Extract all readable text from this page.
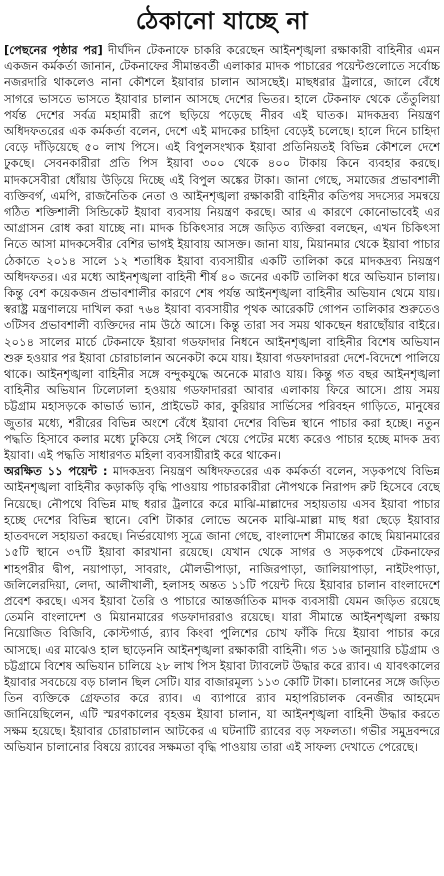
ঠেকানো যাচ্ছে না

[পেছনের পৃষ্ঠার পর] দীর্ঘদিন টেকনাফে চাকরি করেছেন আইনশৃঙ্খলা রক্ষাকারী বাহিনীর এমন একজন কর্মকর্তা জানান, টেকনাফের সীমান্তবর্তী এলাকার মাদক পাচারের পয়েন্টগুলোতে সর্বোচ্চ নজরদারি থাকলেও নানা কৌশলে ইয়াবার চালান আসছেই। মাছধরার ট্রলারে, জালে বেঁধে সাগরে ভাসতে ভাসতে ইয়াবার চালান আসছে দেশের ভিতর। হালে টেকনাফ থেকে তেঁতুলিয়া পর্যন্ত দেশের সর্বত্র মহামারী রূপে ছড়িয়ে পড়েছে নীরব এই ঘাতক। মাদকদ্রব্য নিয়ন্ত্রণ অধিদফতরের এক কর্মকর্তা বলেন, দেশে এই মাদকের চাহিদা বেড়েই চলেছে। হালে দিনে চাহিদা বেড়ে দাঁড়িয়েছে ৫০ লাখ পিসে। এই বিপুলসংখ্যক ইয়াবা প্রতিনিয়তই বিভিন্ন কৌশলে দেশে ঢুকছে। সেবনকারীরা প্রতি পিস ইয়াবা ৩০০ থেকে ৪০০ টাকায় কিনে ব্যবহার করছে। মাদকসেবীরা ধোঁয়ায় উড়িয়ে দিচ্ছে এই বিপুল অঙ্কের টাকা। জানা গেছে, সমাজের প্রভাবশালী ব্যক্তিবর্গ, এমপি, রাজনৈতিক নেতা ও আইনশৃঙ্খলা রক্ষাকারী বাহিনীর কতিপয় সদস্যের সমন্বয়ে গঠিত শক্তিশালী সিন্ডিকেট ইয়াবা ব্যবসায় নিয়ন্ত্রণ করছে। আর এ কারণে কোনোভাবেই এর আগ্রাসন রোধ করা যাচ্ছে না। মাদক চিকিৎসার সঙ্গে জড়িত ব্যক্তিরা বলছেন, এখন চিকিৎসা নিতে আসা মাদকসেবীর বেশির ভাগই ইয়াবায় আসক্ত। জানা যায়, মিয়ানমার থেকে ইয়াবা পাচার ঠেকাতে ২০১৪ সালে ১২ শতাধিক ইয়াবা ব্যবসায়ীর একটি তালিকা করে মাদকদ্রব্য নিয়ন্ত্রণ অধিদফতর। এর মধ্যে আইনশৃঙ্খলা বাহিনী শীর্ষ ৪০ জনের একটি তালিকা ধরে অভিযান চালায়। কিন্তু বেশ কয়েকজন প্রভাবশালীর কারণে শেষ পর্যন্ত আইনশৃঙ্খলা বাহিনীর অভিযান থেমে যায়। স্বরাষ্ট্র মন্ত্রণালয়ে দাখিল করা ৭৬৪ ইয়াবা ব্যবসায়ীর পৃথক আরেকটি গোপন তালিকার শুরুতেও ৩টিসব প্রভাবশালী ব্যক্তিদের নাম উঠে আসে। কিন্তু তারা সব সময় থাকছেন ধরাছোঁয়ার বাইরে। ২০১৪ সালের মার্চে টেকনাফে ইয়াবা গডফাদার নিধনে আইনশৃঙ্খলা বাহিনীর বিশেষ অভিযান শুরু হওয়ার পর ইয়াবা চোরাচালান অনেকটা কমে যায়। ইয়াবা গডফাদাররা দেশে-বিদেশে পালিয়ে থাকে। আইনশৃঙ্খলা বাহিনীর সঙ্গে বন্দুকযুদ্ধে অনেকে মারাও যায়। কিন্তু গত বছর আইনশৃঙ্খলা বাহিনীর অভিযান ঢিলেঢালা হওয়ায় গডফাদাররা আবার এলাকায় ফিরে আসে। প্রায় সময় চট্টগ্রাম মহাসড়কে কাভার্ড ভ্যান, প্রাইভেট কার, কুরিয়ার সার্ভিসের পরিবহন গাড়িতে, মানুষের জুতার মধ্যে, শরীরের বিভিন্ন অংশে বেঁধে ইয়াবা দেশের বিভিন্ন স্থানে পাচার করা হচ্ছে। নতুন পদ্ধতি হিসাবে কলার মধ্যে ঢুকিয়ে সেই গিলে খেয়ে পেটের মধ্যে করেও পাচার হচ্ছে মাদক দ্রব্য ইয়াবা। এই পদ্ধতি সাধারণত মহিলা ব্যবসায়ীরাই করে থাকেন।

অরক্ষিত ১১ পয়েন্ট : মাদকদ্রব্য নিয়ন্ত্রণ অধিদফতরের এক কর্মকর্তা বলেন, সড়কপথে বিভিন্ন আইনশৃঙ্খলা বাহিনীর কড়াকড়ি বৃদ্ধি পাওয়ায় পাচারকারীরা নৌপথকে নিরাপদ রুট হিসেবে বেছে নিয়েছে। নৌপথে বিভিন্ন মাছ ধরার ট্রলারে করে মাঝি-মাল্লাদের সহায়তায় এসব ইয়াবা পাচার হচ্ছে দেশের বিভিন্ন স্থানে। বেশি টাকার লোভে অনেক মাঝি-মাল্লা মাছ ধরা ছেড়ে ইয়াবার হাতবদলে সহায়তা করছে। নির্ভরযোগ্য সূত্রে জানা গেছে, বাংলাদেশ সীমান্তের কাছে মিয়ানমারের ১৫টি স্থানে ৩৭টি ইয়াবা কারখানা রয়েছে। যেখান থেকে সাগর ও সড়কপথে টেকনাফের শাহপরীর দ্বীপ, নয়াপাড়া, সাবরাং, মৌলভীপাড়া, নাজিরপাড়া, জালিয়াপাড়া, নাইটংপাড়া, জলিলেরদিয়া, লেদা, আলীখালী, হলাসহ অন্তত ১১টি পয়েন্ট দিয়ে ইয়াবার চালান বাংলাদেশে প্রবেশ করছে। এসব ইয়াবা তৈরি ও পাচারে আন্তর্জাতিক মাদক ব্যবসায়ী যেমন জড়িত রয়েছে তেমনি বাংলাদেশ ও মিয়ানমারের গডফাদাররাও রয়েছে। যারা সীমান্তে আইনশৃঙ্খলা রক্ষায় নিয়োজিত বিজিবি, কোস্টগার্ড, র‌্যাব কিংবা পুলিশের চোখ ফাঁকি দিয়ে ইয়াবা পাচার করে আসছে। এর মাঝেও হাল ছাড়েননি আইনশৃঙ্খলা রক্ষাকারী বাহিনী। গত ১৬ জানুয়ারি চট্টগ্রাম ও চট্টগ্রামে বিশেষ অভিযান চালিয়ে ২৮ লাখ পিস ইয়াবা ট্যাবলেট উদ্ধার করে র‌্যাব। এ যাবৎকালের ইয়াবার সবচেয়ে বড় চালান ছিল সেটি। যার বাজারমূল্য ১১৩ কোটি টাকা। চালানের সঙ্গে জড়িত তিন ব্যক্তিকে গ্রেফতার করে র‌্যাব। এ ব্যাপারে র‌্যাব মহাপরিচালক বেনজীর আহমেদ জানিয়েছিলেন, এটি স্মরণকালের বৃহত্তম ইয়াবা চালান, যা আইনশৃঙ্খলা বাহিনী উদ্ধার করতে সক্ষম হয়েছে। ইয়াবার চোরাচালান আটকের এ ঘটনাটি র‌্যাবের বড় সফলতা। গভীর সমুদ্রবন্দরে অভিযান চালানোর বিষয়ে র‌্যাবের সক্ষমতা বৃদ্ধি পাওয়ায় তারা এই সাফল্য দেখাতে পেরেছে।
